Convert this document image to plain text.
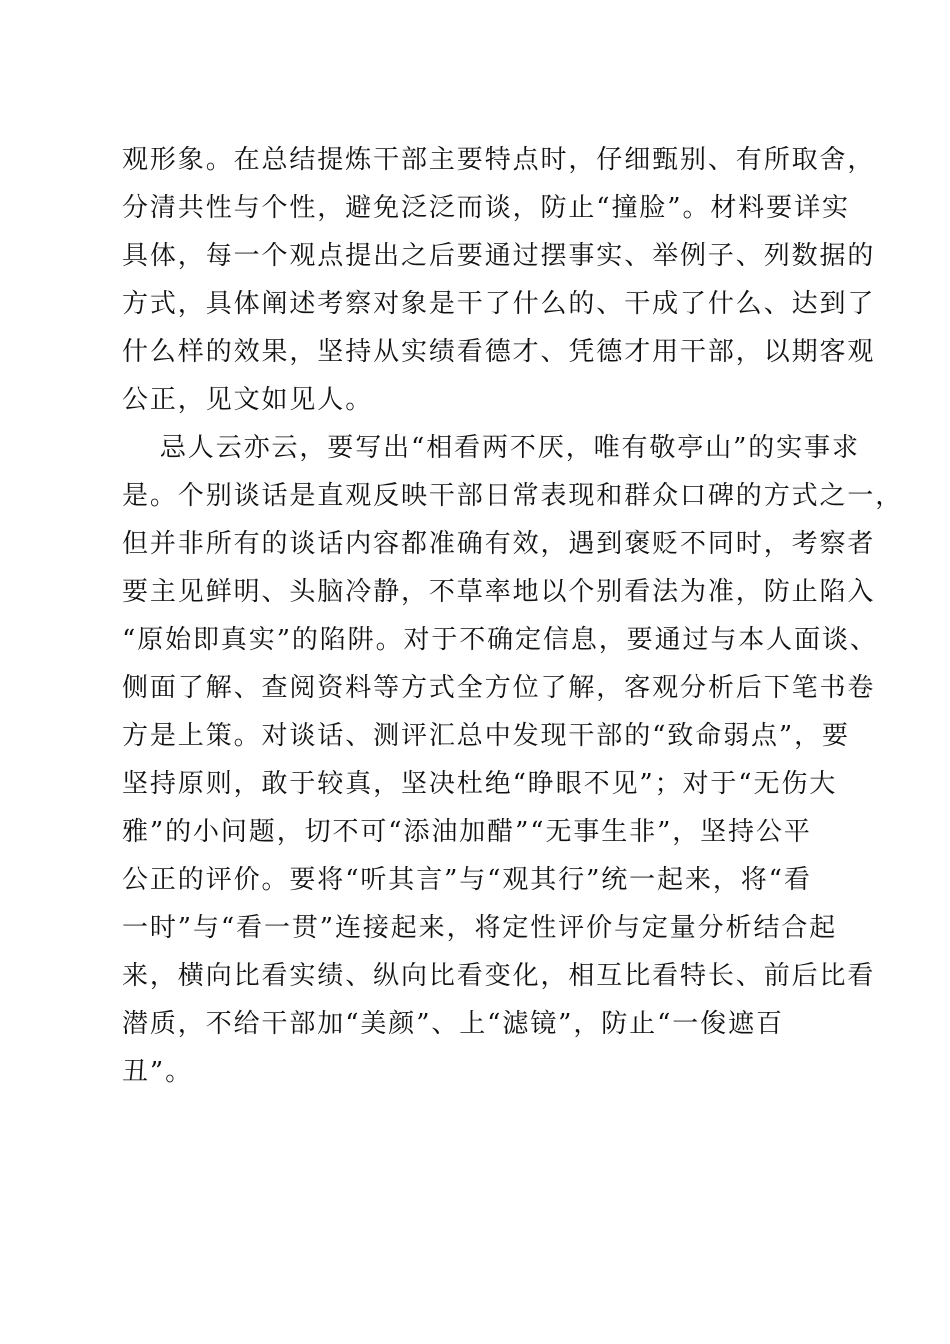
观形象。在总结提炼干部主要特点时，仔细甄别、有所取舍，
分清共性与个性，避免泛泛而谈，防止“撞脸”。材料要详实
具体，每一个观点提出之后要通过摆事实、举例子、列数据的
方式，具体阐述考察对象是干了什么的、干成了什么、达到了
什么样的效果，坚持从实绩看德才、凭德才用干部，以期客观
公正，见文如见人。
　忌人云亦云，要写出“相看两不厌，唯有敬亭山”的实事求
是。个别谈话是直观反映干部日常表现和群众口碑的方式之一，
但并非所有的谈话内容都准确有效，遇到褒贬不同时，考察者
要主见鲜明、头脑冷静，不草率地以个别看法为准，防止陷入
“原始即真实”的陷阱。对于不确定信息，要通过与本人面谈、
侧面了解、查阅资料等方式全方位了解，客观分析后下笔书卷
方是上策。对谈话、测评汇总中发现干部的“致命弱点”，要
坚持原则，敢于较真，坚决杜绝“睁眼不见”；对于“无伤大
雅”的小问题，切不可“添油加醋”“无事生非”，坚持公平
公正的评价。要将“听其言”与“观其行”统一起来，将“看
一时”与“看一贯”连接起来，将定性评价与定量分析结合起
来，横向比看实绩、纵向比看变化，相互比看特长、前后比看
潜质，不给干部加“美颜”、上“滤镜”，防止“一俊遮百
丑”。
